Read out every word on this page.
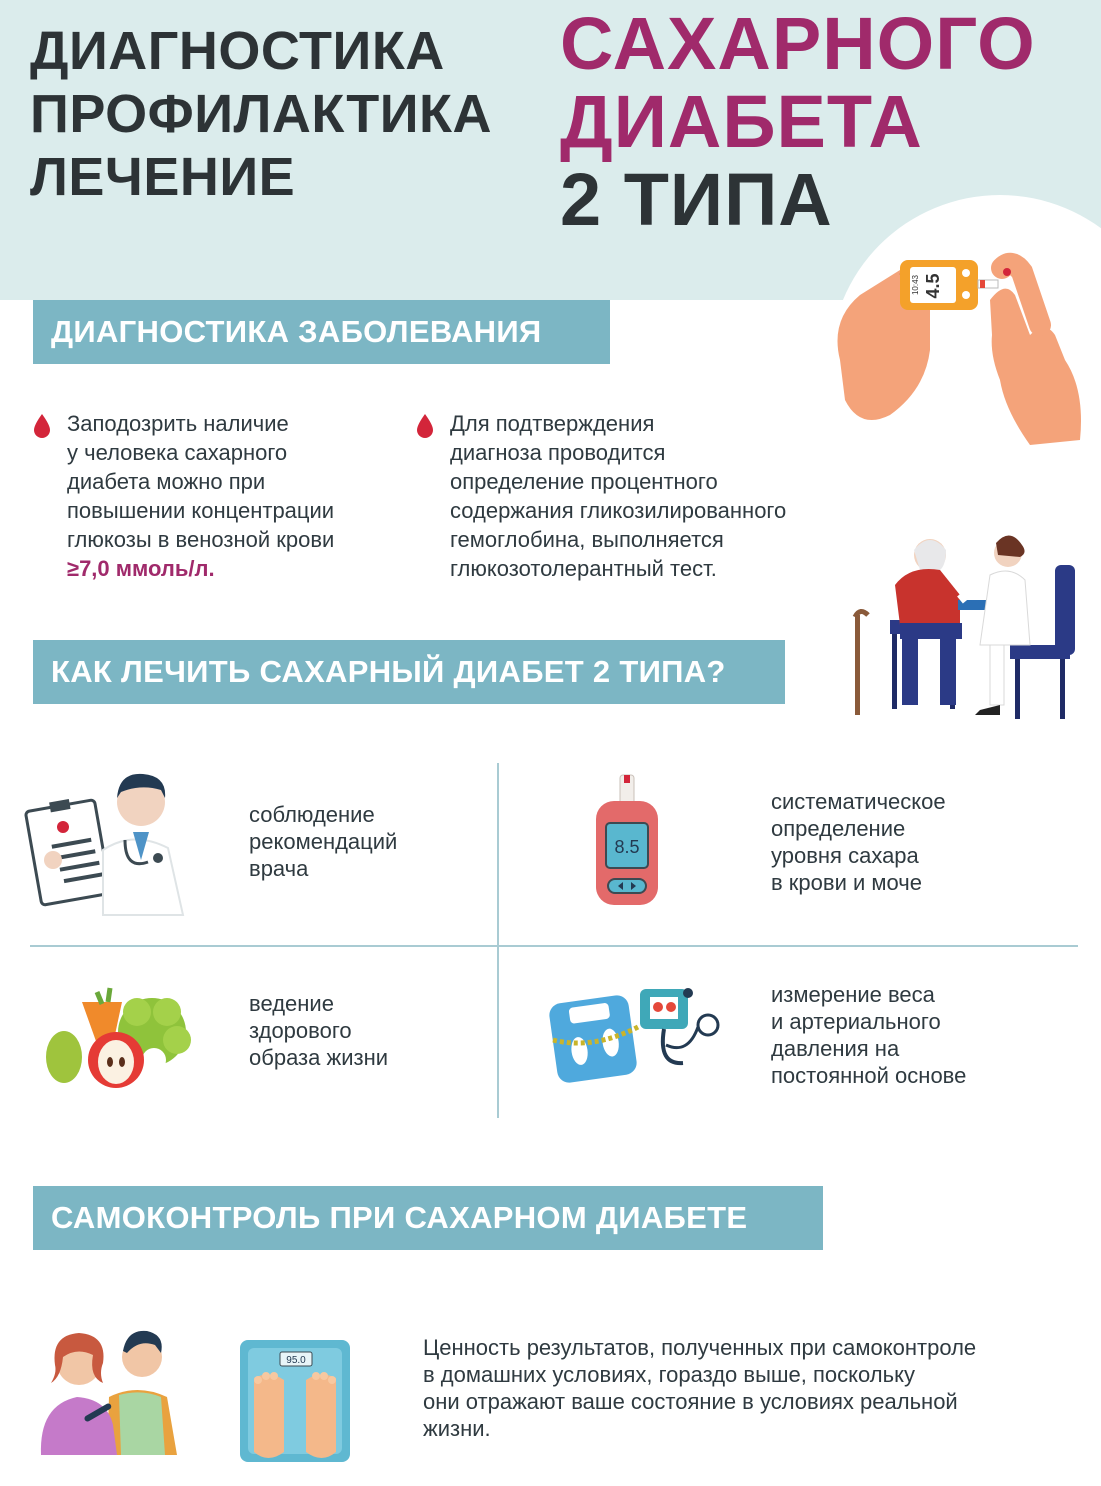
ДИАГНОСТИКА
ПРОФИЛАКТИКА
ЛЕЧЕНИЕ
САХАРНОГО
ДИАБЕТА
2 ТИПА
4.5
10:43
ДИАГНОСТИКА ЗАБОЛЕВАНИЯ
Заподозрить наличие
у человека сахарного
диабета можно при
повышении концентрации
глюкозы в венозной крови
≥7,0 ммоль/л.
Для подтверждения
диагноза проводится
определение процентного
содержания гликозилированного
гемоглобина, выполняется
глюкозотолерантный тест.
КАК ЛЕЧИТЬ САХАРНЫЙ ДИАБЕТ 2 ТИПА?
соблюдение
рекомендаций
врача
8.5
систематическое
определение
уровня сахара
в крови и моче
ведение
здорового
образа жизни
измерение веса
и артериального
давления на
постоянной основе
САМОКОНТРОЛЬ ПРИ САХАРНОМ ДИАБЕТЕ
95.0
Ценность результатов, полученных при самоконтроле
в домашних условиях, гораздо выше, поскольку
они отражают ваше состояние в условиях реальной
жизни.
